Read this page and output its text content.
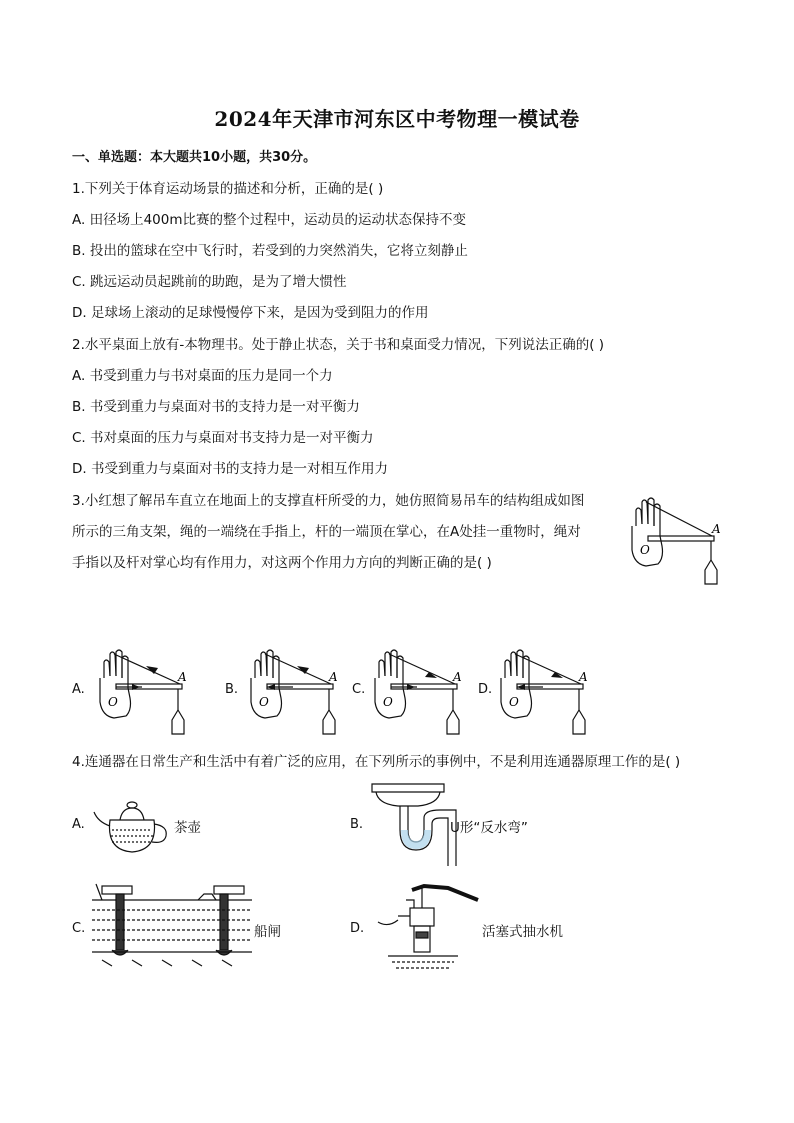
2024年天津市河东区中考物理一模试卷
一、单选题：本大题共10小题，共30分。
1.下列关于体育运动场景的描述和分析，正确的是( )
A. 田径场上400m比赛的整个过程中，运动员的运动状态保持不变
B. 投出的篮球在空中飞行时，若受到的力突然消失，它将立刻静止
C. 跳远运动员起跳前的助跑，是为了增大惯性
D. 足球场上滚动的足球慢慢停下来，是因为受到阻力的作用
2.水平桌面上放有-本物理书。处于静止状态，关于书和桌面受力情况，下列说法正确的( )
A. 书受到重力与书对桌面的压力是同一个力
B. 书受到重力与桌面对书的支持力是一对平衡力
C. 书对桌面的压力与桌面对书支持力是一对平衡力
D. 书受到重力与桌面对书的支持力是一对相互作用力
3.小红想了解吊车直立在地面上的支撑直杆所受的力，她仿照简易吊车的结构组成如图
所示的三角支架，绳的一端绕在手指上，杆的一端顶在掌心，在A处挂一重物时，绳对
手指以及杆对掌心均有作用力，对这两个作用力方向的判断正确的是( )
A
O
A.
A
O
B.
A
O
C.
A
O
D.
A
O
4.连通器在日常生产和生活中有着广泛的应用，在下列所示的事例中，不是利用连通器原理工作的是( )
A.	茶壶	B.	U形“反水弯”
C.	船闸	D.	活塞式抽水机
